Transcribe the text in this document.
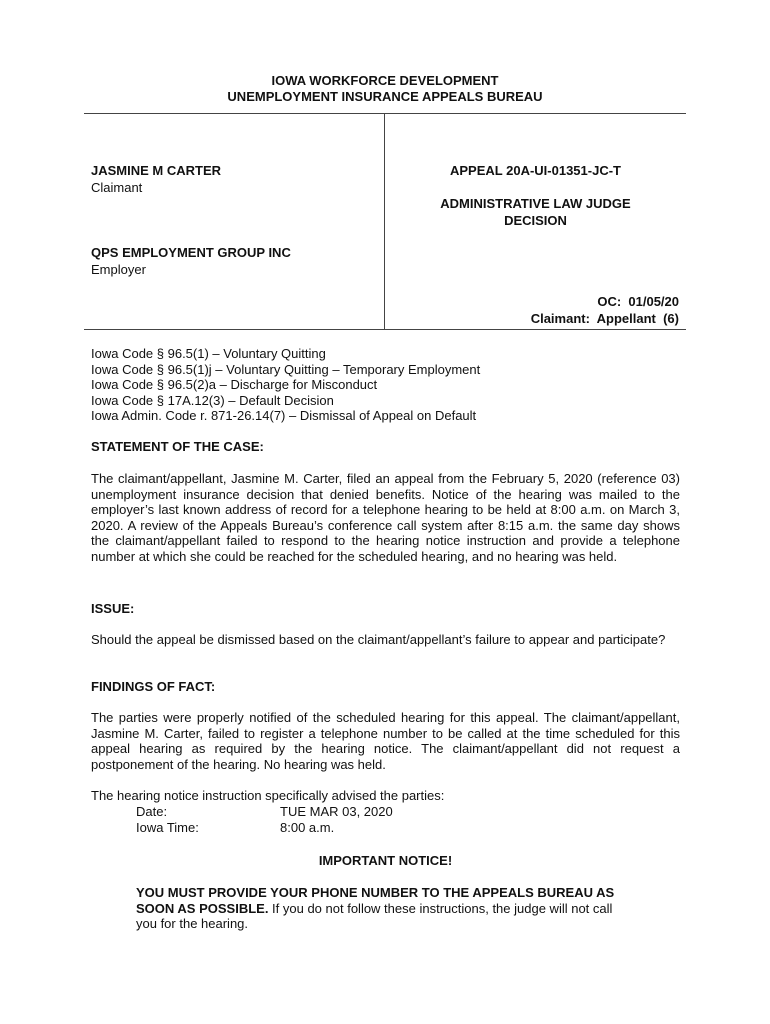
IOWA WORKFORCE DEVELOPMENT
UNEMPLOYMENT INSURANCE APPEALS BUREAU
JASMINE M CARTER
Claimant
QPS EMPLOYMENT GROUP INC
Employer
APPEAL 20A-UI-01351-JC-T
ADMINISTRATIVE LAW JUDGE
DECISION
OC:  01/05/20
Claimant:  Appellant  (6)
Iowa Code § 96.5(1) – Voluntary Quitting
Iowa Code § 96.5(1)j – Voluntary Quitting – Temporary Employment
Iowa Code § 96.5(2)a – Discharge for Misconduct
Iowa Code § 17A.12(3) – Default Decision
Iowa Admin. Code r. 871-26.14(7) – Dismissal of Appeal on Default
STATEMENT OF THE CASE:
The claimant/appellant, Jasmine M. Carter, filed an appeal from the February 5, 2020 (reference 03) unemployment insurance decision that denied benefits. Notice of the hearing was mailed to the employer’s last known address of record for a telephone hearing to be held at 8:00 a.m. on March 3, 2020. A review of the Appeals Bureau’s conference call system after 8:15 a.m. the same day shows the claimant/appellant failed to respond to the hearing notice instruction and provide a telephone number at which she could be reached for the scheduled hearing, and no hearing was held.
ISSUE:
Should the appeal be dismissed based on the claimant/appellant’s failure to appear and participate?
FINDINGS OF FACT:
The parties were properly notified of the scheduled hearing for this appeal. The claimant/appellant, Jasmine M. Carter, failed to register a telephone number to be called at the time scheduled for this appeal hearing as required by the hearing notice. The claimant/appellant did not request a postponement of the hearing. No hearing was held.
The hearing notice instruction specifically advised the parties:
Date:	TUE MAR 03, 2020
Iowa Time:	8:00 a.m.
IMPORTANT NOTICE!
YOU MUST PROVIDE YOUR PHONE NUMBER TO THE APPEALS BUREAU AS SOON AS POSSIBLE. If you do not follow these instructions, the judge will not call you for the hearing.
